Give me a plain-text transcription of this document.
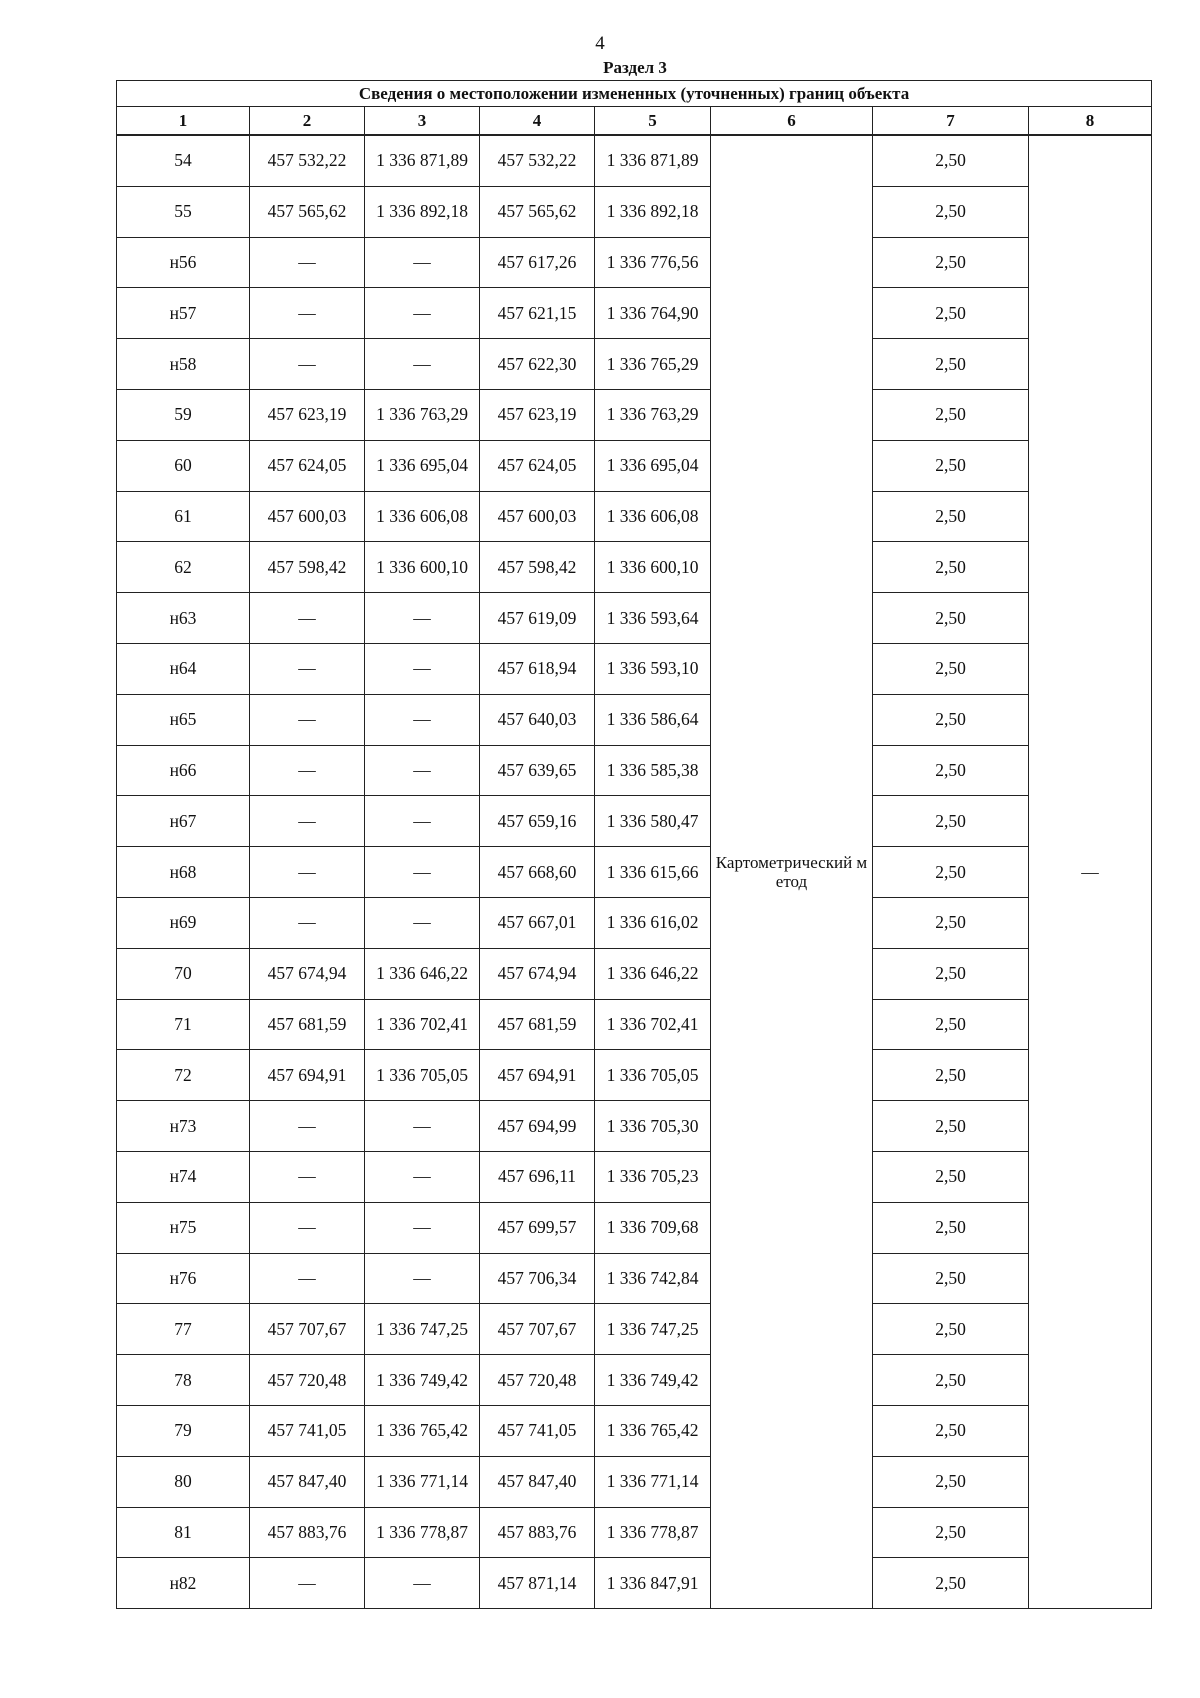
4
Раздел 3
Сведения о местоположении измененных (уточненных) границ объекта							
1	2	3	4	5	6	7	8
54	457 532,22	1 336 871,89	457 532,22	1 336 871,89	Картометрический метод	2,50	—
55	457 565,62	1 336 892,18	457 565,62	1 336 892,18		2,50	
н56	—	—	457 617,26	1 336 776,56		2,50	
н57	—	—	457 621,15	1 336 764,90		2,50	
н58	—	—	457 622,30	1 336 765,29		2,50	
59	457 623,19	1 336 763,29	457 623,19	1 336 763,29		2,50	
60	457 624,05	1 336 695,04	457 624,05	1 336 695,04		2,50	
61	457 600,03	1 336 606,08	457 600,03	1 336 606,08		2,50	
62	457 598,42	1 336 600,10	457 598,42	1 336 600,10		2,50	
н63	—	—	457 619,09	1 336 593,64		2,50	
н64	—	—	457 618,94	1 336 593,10		2,50	
н65	—	—	457 640,03	1 336 586,64		2,50	
н66	—	—	457 639,65	1 336 585,38		2,50	
н67	—	—	457 659,16	1 336 580,47		2,50	
н68	—	—	457 668,60	1 336 615,66		2,50	
н69	—	—	457 667,01	1 336 616,02		2,50	
70	457 674,94	1 336 646,22	457 674,94	1 336 646,22		2,50	
71	457 681,59	1 336 702,41	457 681,59	1 336 702,41		2,50	
72	457 694,91	1 336 705,05	457 694,91	1 336 705,05		2,50	
н73	—	—	457 694,99	1 336 705,30		2,50	
н74	—	—	457 696,11	1 336 705,23		2,50	
н75	—	—	457 699,57	1 336 709,68		2,50	
н76	—	—	457 706,34	1 336 742,84		2,50	
77	457 707,67	1 336 747,25	457 707,67	1 336 747,25		2,50	
78	457 720,48	1 336 749,42	457 720,48	1 336 749,42		2,50	
79	457 741,05	1 336 765,42	457 741,05	1 336 765,42		2,50	
80	457 847,40	1 336 771,14	457 847,40	1 336 771,14		2,50	
81	457 883,76	1 336 778,87	457 883,76	1 336 778,87		2,50	
н82	—	—	457 871,14	1 336 847,91		2,50	
